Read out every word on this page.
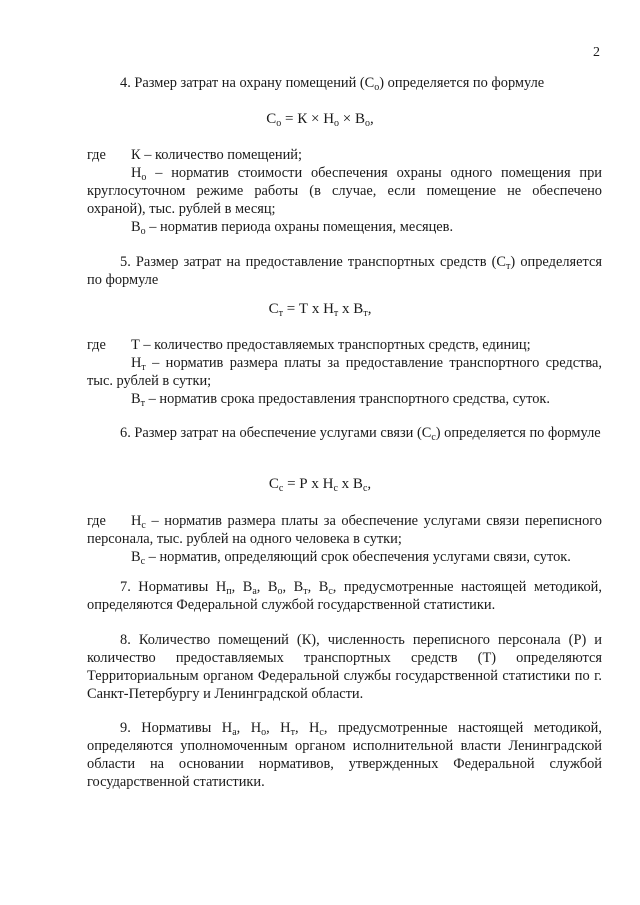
2

4. Размер затрат на охрану помещений $(С_о)$ определяется по формуле

$С_о = К \times Н_о \times В_о$,
где	К – количество помещений;

$Н_о$ – норматив стоимости обеспечения охраны одного помещения при круглосуточном режиме работы (в случае, если помещение не обеспечено охраной), тыс. рублей в месяц;

$В_о$ – норматив периода охраны помещения, месяцев.

5. Размер затрат на предоставление транспортных средств $(С_т)$ определяется по формуле

$С_т = Т$ х $Н_т$ х $В_т$,
где	Т – количество предоставляемых транспортных средств, единиц;

$Н_т$ – норматив размера платы за предоставление транспортного средства, тыс. рублей в сутки;

$В_т$ – норматив срока предоставления транспортного средства, суток.

6. Размер затрат на обеспечение услугами связи $(С_с)$ определяется по формуле

$С_с = Р$ х $Н_с$ х $В_с$,

где $Н_с$ – норматив размера платы за обеспечение услугами связи переписного персонала, тыс. рублей на одного человека в сутки;

$В_с$ – норматив, определяющий срок обеспечения услугами связи, суток.

7. Нормативы $Н_п$, $В_а$, $В_о$, $В_т$, $В_с$, предусмотренные настоящей методикой, определяются Федеральной службой государственной статистики.

8. Количество помещений (К), численность переписного персонала (Р) и количество предоставляемых транспортных средств (Т) определяются Территориальным органом Федеральной службы государственной статистики по г. Санкт-Петербургу и Ленинградской области.

9. Нормативы $Н_а$, $Н_о$, $Н_т$, $Н_с$, предусмотренные настоящей методикой, определяются уполномоченным органом исполнительной власти Ленинградской области на основании нормативов, утвержденных Федеральной службой государственной статистики.
